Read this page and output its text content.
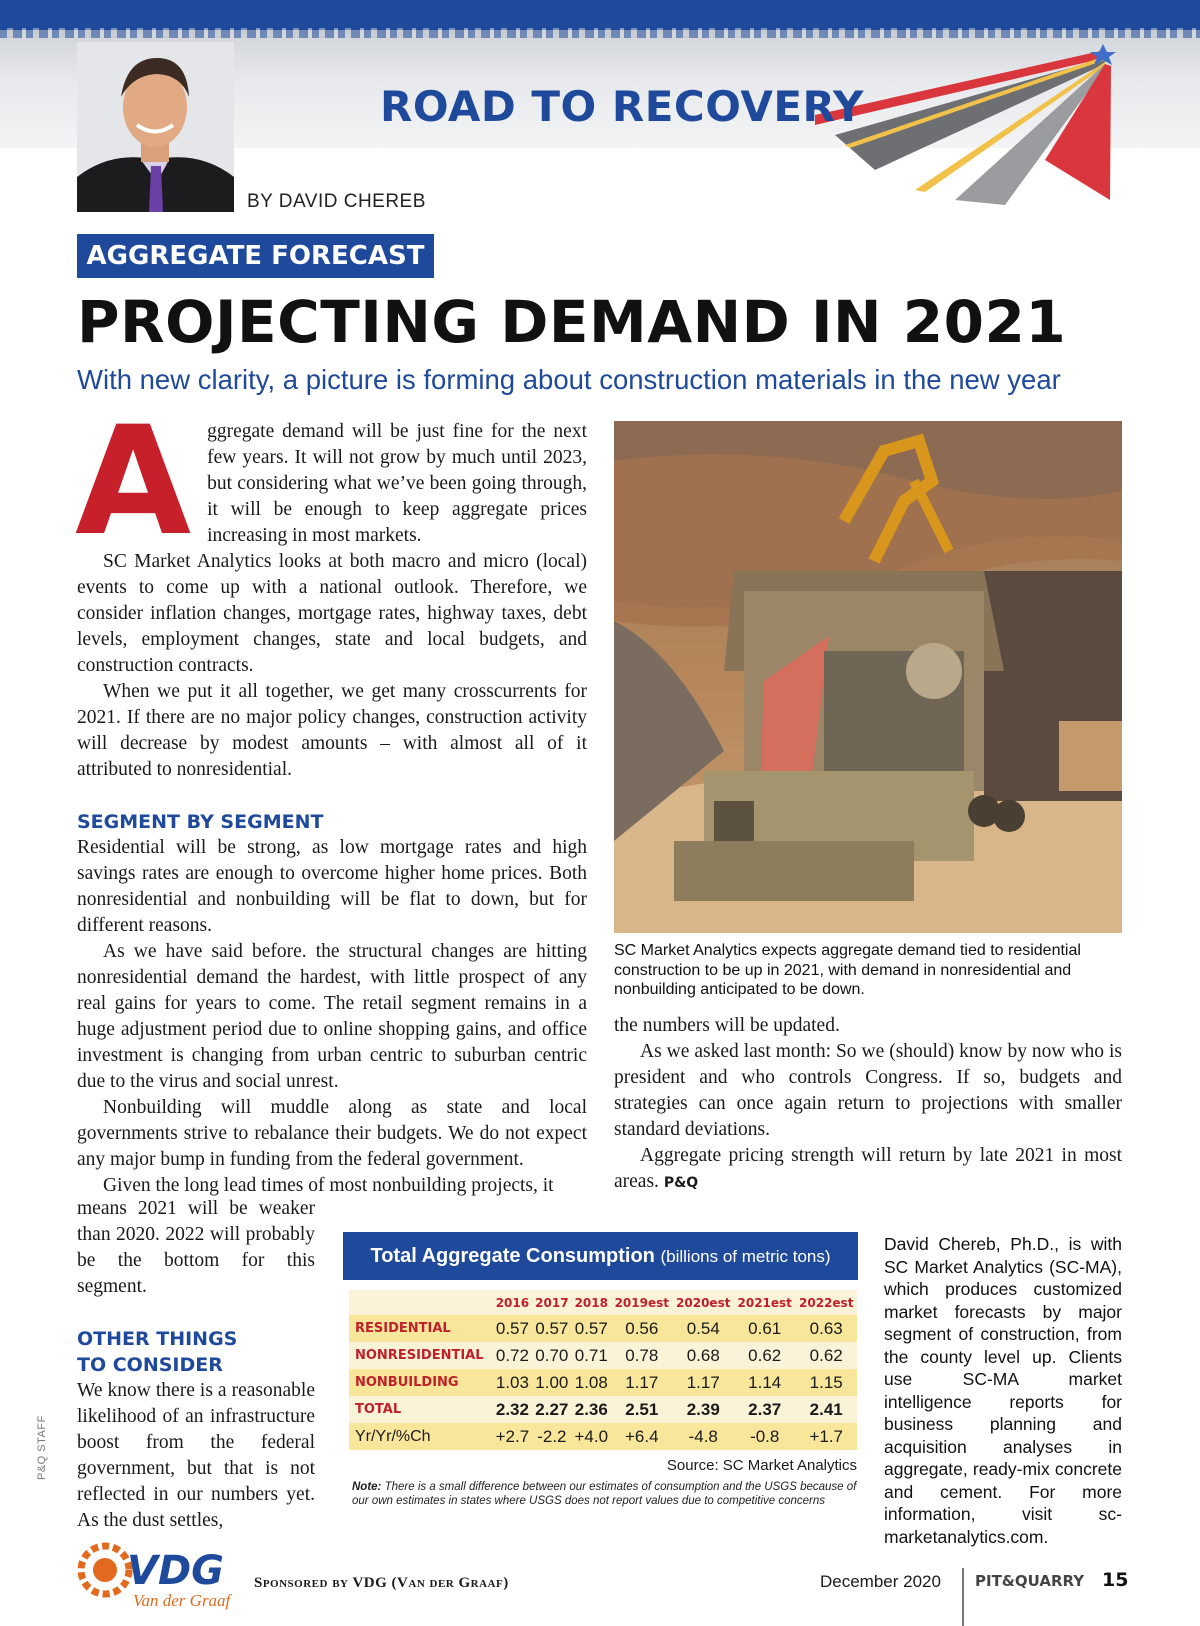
ROAD TO RECOVERY
BY DAVID CHEREB
AGGREGATE FORECAST
PROJECTING DEMAND IN 2021
With new clarity, a picture is forming about construction materials in the new year
A ggregate demand will be just fine for the next few years. It will not grow by much until 2023, but considering what we’ve been going through, it will be enough to keep aggregate prices increasing in most markets.

SC Market Analytics looks at both macro and micro (local) events to come up with a national outlook. Therefore, we consider inflation changes, mortgage rates, highway taxes, debt levels, employment changes, state and local budgets, and construction contracts.

When we put it all together, we get many crosscurrents for 2021. If there are no major policy changes, construction activity will decrease by modest amounts – with almost all of it attributed to nonresidential.

SEGMENT BY SEGMENT

Residential will be strong, as low mortgage rates and high savings rates are enough to overcome higher home prices. Both nonresidential and nonbuilding will be flat to down, but for different reasons.

As we have said before. the structural changes are hitting nonresidential demand the hardest, with little prospect of any real gains for years to come. The retail segment remains in a huge adjustment period due to online shopping gains, and office investment is changing from urban centric to suburban centric due to the virus and social unrest.

Nonbuilding will muddle along as state and local governments strive to rebalance their budgets. We do not expect any major bump in funding from the federal government.

Given the long lead times of most nonbuilding projects, it

means 2021 will be weaker than 2020. 2022 will probably be the bottom for this segment.

OTHER THINGS

TO CONSIDER

We know there is a reasonable likelihood of an infrastructure boost from the federal government, but that is not reflected in our numbers yet. As the dust settles,

SC Market Analytics expects aggregate demand tied to residential construction to be up in 2021, with demand in nonresidential and nonbuilding anticipated to be down.

the numbers will be updated.

As we asked last month: So we (should) know by now who is president and who controls Congress. If so, budgets and strategies can once again return to projections with smaller standard deviations.

Aggregate pricing strength will return by late 2021 in most areas. P&Q

Total Aggregate Consumption (billions of metric tons)
	2016	2017	2018	2019est	2020est	2021est	2022est
RESIDENTIAL	0.57	0.57	0.57	0.56	0.54	0.61	0.63
NONRESIDENTIAL	0.72	0.70	0.71	0.78	0.68	0.62	0.62
NONBUILDING	1.03	1.00	1.08	1.17	1.17	1.14	1.15
TOTAL	2.32	2.27	2.36	2.51	2.39	2.37	2.41
Yr/Yr/%Ch	+2.7	-2.2	+4.0	+6.4	-4.8	-0.8	+1.7
Source: SC Market Analytics
Note: There is a small difference between our estimates of consumption and the USGS because of our own estimates in states where USGS does not report values due to competitive concerns
David Chereb, Ph.D., is with SC Market Analytics (SC-MA), which produces customized market forecasts by major segment of construction, from the county level up. Clients use SC-MA market intelligence reports for business planning and acquisition analyses in aggregate, ready-mix concrete and cement. For more information, visit sc-marketanalytics.com.
P&Q STAFF
VDG
Van der Graaf
Sponsored by VDG (Van der Graaf)	December 2020 PIT&QUARRY 15
